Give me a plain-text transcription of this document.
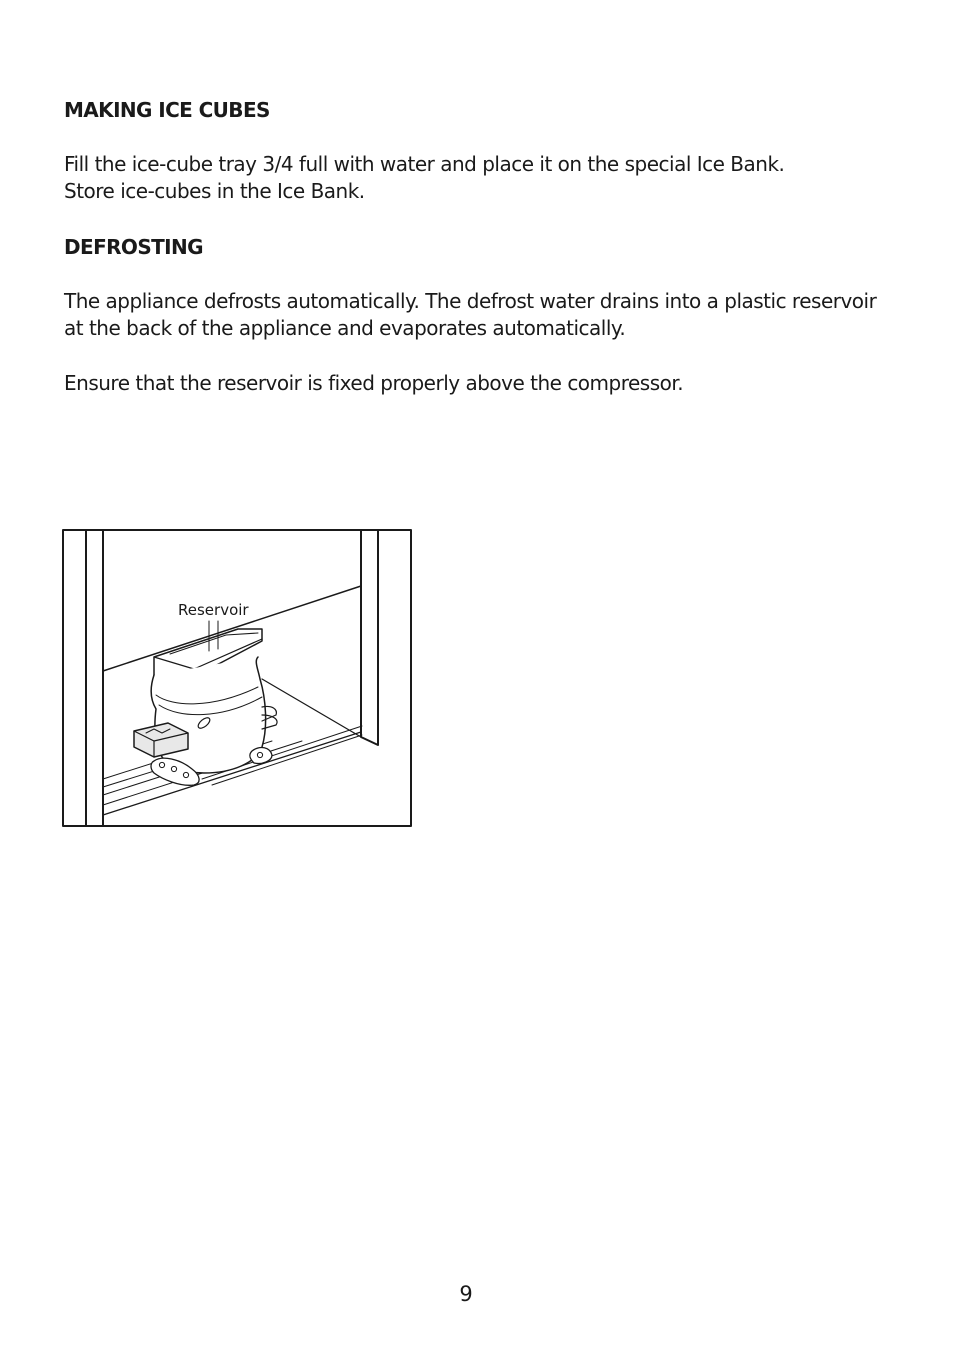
MAKING ICE CUBES

Fill the ice-cube tray 3/4 full with water and place it on the special Ice Bank.
Store ice-cubes in the Ice Bank.

DEFROSTING

The appliance defrosts automatically. The defrost water drains into a plastic reservoir
at the back of the appliance and evaporates automatically.

Ensure that the reservoir is fixed properly above the compressor.

Reservoir
9
